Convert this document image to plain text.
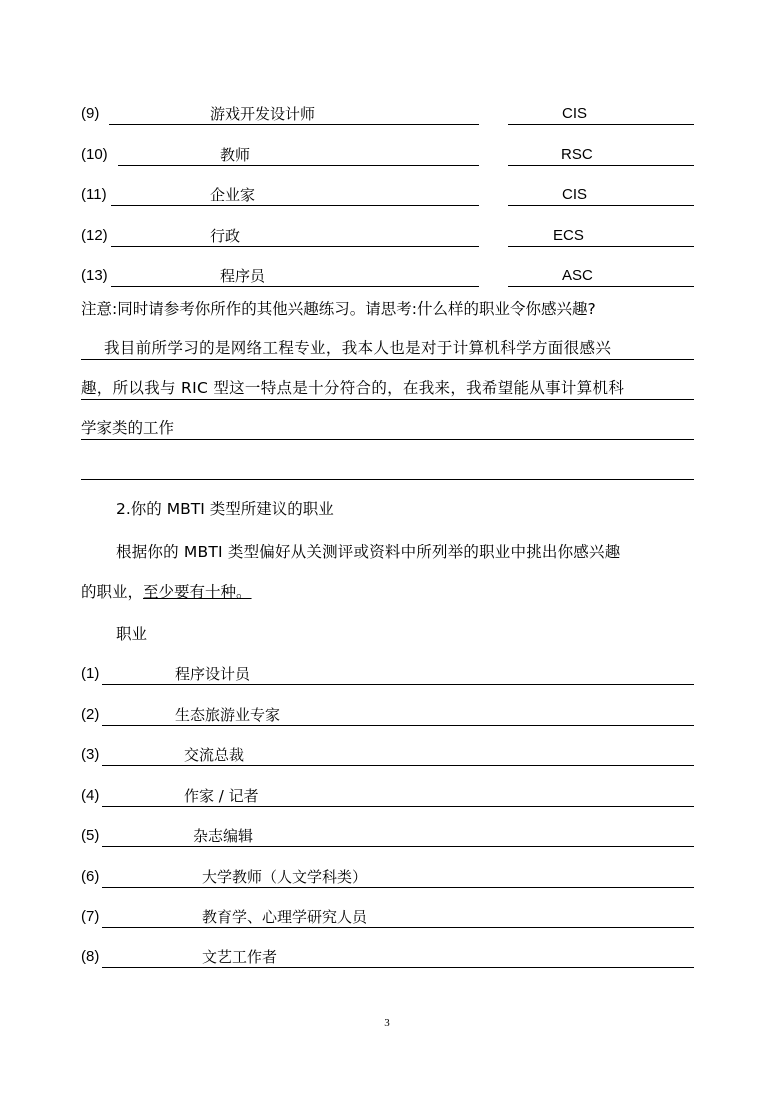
(9)	游戏开发设计师	CIS
(10)	教师	RSC
(11)	企业家	CIS
(12)	行政	ECS
(13)	程序员	ASC
注意:同时请参考你所作的其他兴趣练习。请思考:什么样的职业令你感兴趣?
我目前所学习的是网络工程专业，我本人也是对于计算机科学方面很感兴
趣，所以我与 RIC 型这一特点是十分符合的，在我来，我希望能从事计算机科
学家类的工作
2.你的 MBTI 类型所建议的职业
根据你的 MBTI 类型偏好从关测评或资料中所列举的职业中挑出你感兴趣
的职业，至少要有十种。
职业
(1)	程序设计员
(2)	生态旅游业专家
(3)	交流总裁
(4)	作家 / 记者
(5)	杂志编辑
(6)	大学教师（人文学科类）
(7)	教育学、心理学研究人员
(8)	文艺工作者
3
